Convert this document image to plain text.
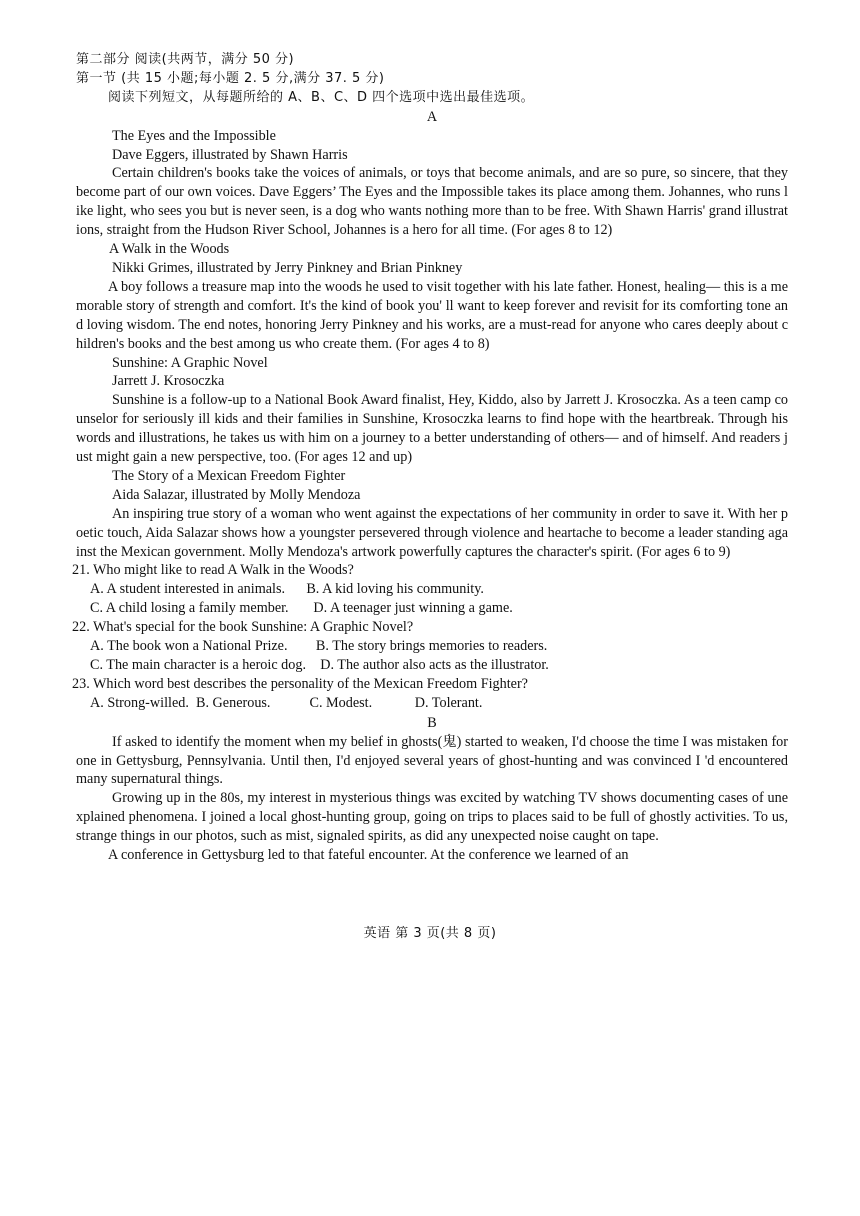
第二部分 阅读(共两节，满分 50 分)
第一节 (共 15 小题;每小题 2. 5 分,满分 37. 5 分)
阅读下列短文，从每题所给的 A、B、C、D 四个选项中选出最佳选项。
A
The Eyes and the Impossible
Dave Eggers, illustrated by Shawn Harris
Certain children's books take the voices of animals, or toys that become animals, and are so pure, so sincere, that they become part of our own voices. Dave Eggers’ The Eyes and the Impossible takes its place among them. Johannes, who runs like light, who sees you but is never seen, is a dog who wants nothing more than to be free. With Shawn Harris' grand illustrations, straight from the Hudson River School, Johannes is a hero for all time. (For ages 8 to 12)
A Walk in the Woods
Nikki Grimes, illustrated by Jerry Pinkney and Brian Pinkney
A boy follows a treasure map into the woods he used to visit together with his late father. Honest, healing— this is a memorable story of strength and comfort. It's the kind of book you' ll want to keep forever and revisit for its comforting tone and loving wisdom. The end notes, honoring Jerry Pinkney and his works, are a must-read for anyone who cares deeply about children's books and the best among us who create them. (For ages 4 to 8)
Sunshine: A Graphic Novel
Jarrett J. Krosoczka
Sunshine is a follow-up to a National Book Award finalist, Hey, Kiddo, also by Jarrett J. Krosoczka. As a teen camp counselor for seriously ill kids and their families in Sunshine, Krosoczka learns to find hope with the heartbreak. Through his words and illustrations, he takes us with him on a journey to a better understanding of others— and of himself. And readers just might gain a new perspective, too. (For ages 12 and up)
The Story of a Mexican Freedom Fighter
Aida Salazar, illustrated by Molly Mendoza
An inspiring true story of a woman who went against the expectations of her community in order to save it. With her poetic touch, Aida Salazar shows how a youngster persevered through violence and heartache to become a leader standing against the Mexican government. Molly Mendoza's artwork powerfully captures the character's spirit. (For ages 6 to 9)
21. Who might like to read A Walk in the Woods?
A. A student interested in animals.      B. A kid loving his community.
C. A child losing a family member.       D. A teenager just winning a game.
22. What's special for the book Sunshine: A Graphic Novel?
A. The book won a National Prize.        B. The story brings memories to readers.
C. The main character is a heroic dog.    D. The author also acts as the illustrator.
23. Which word best describes the personality of the Mexican Freedom Fighter?
A. Strong-willed.  B. Generous.           C. Modest.            D. Tolerant.
B
If asked to identify the moment when my belief in ghosts(鬼) started to weaken, I'd choose the time I was mistaken for one in Gettysburg, Pennsylvania. Until then, I'd enjoyed several years of ghost-hunting and was convinced I 'd encountered many supernatural things.
Growing up in the 80s, my interest in mysterious things was excited by watching TV shows documenting cases of unexplained phenomena. I joined a local ghost-hunting group, going on trips to places said to be full of ghostly activities. To us, strange things in our photos, such as mist, signaled spirits, as did any unexpected noise caught on tape.
A conference in Gettysburg led to that fateful encounter. At the conference we learned of an
英语 第 3 页(共 8 页)
